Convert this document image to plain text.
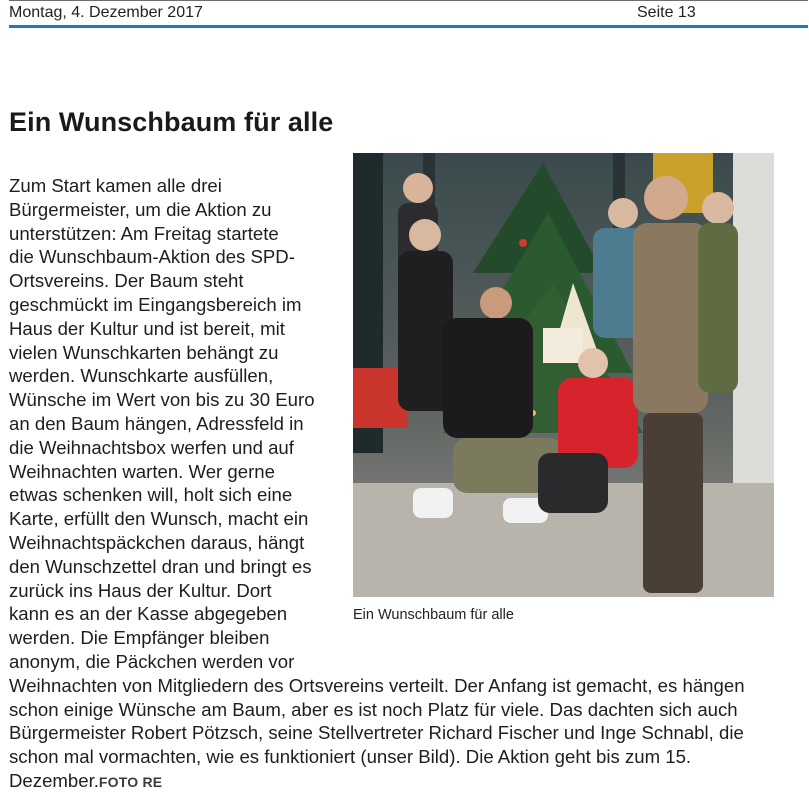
Montag, 4. Dezember 2017	Seite 13
Ein Wunschbaum für alle
Ein Wunschbaum für alle
Zum Start kamen alle drei
Bürgermeister, um die Aktion zu
unterstützen: Am Freitag startete
die Wunschbaum-Aktion des SPD-
Ortsvereins. Der Baum steht
geschmückt im Eingangsbereich im
Haus der Kultur und ist bereit, mit
vielen Wunschkarten behängt zu
werden. Wunschkarte ausfüllen,
Wünsche im Wert von bis zu 30 Euro
an den Baum hängen, Adressfeld in
die Weihnachtsbox werfen und auf
Weihnachten warten. Wer gerne
etwas schenken will, holt sich eine
Karte, erfüllt den Wunsch, macht ein
Weihnachtspäckchen daraus, hängt
den Wunschzettel dran und bringt es
zurück ins Haus der Kultur. Dort
kann es an der Kasse abgegeben
werden. Die Empfänger bleiben
anonym, die Päckchen werden vor
Weihnachten von Mitgliedern des Ortsvereins verteilt. Der Anfang ist gemacht, es hängen
schon einige Wünsche am Baum, aber es ist noch Platz für viele. Das dachten sich auch
Bürgermeister Robert Pötzsch, seine Stellvertreter Richard Fischer und Inge Schnabl, die
schon mal vormachten, wie es funktioniert (unser Bild). Die Aktion geht bis zum 15.
Dezember.FOTO RE
